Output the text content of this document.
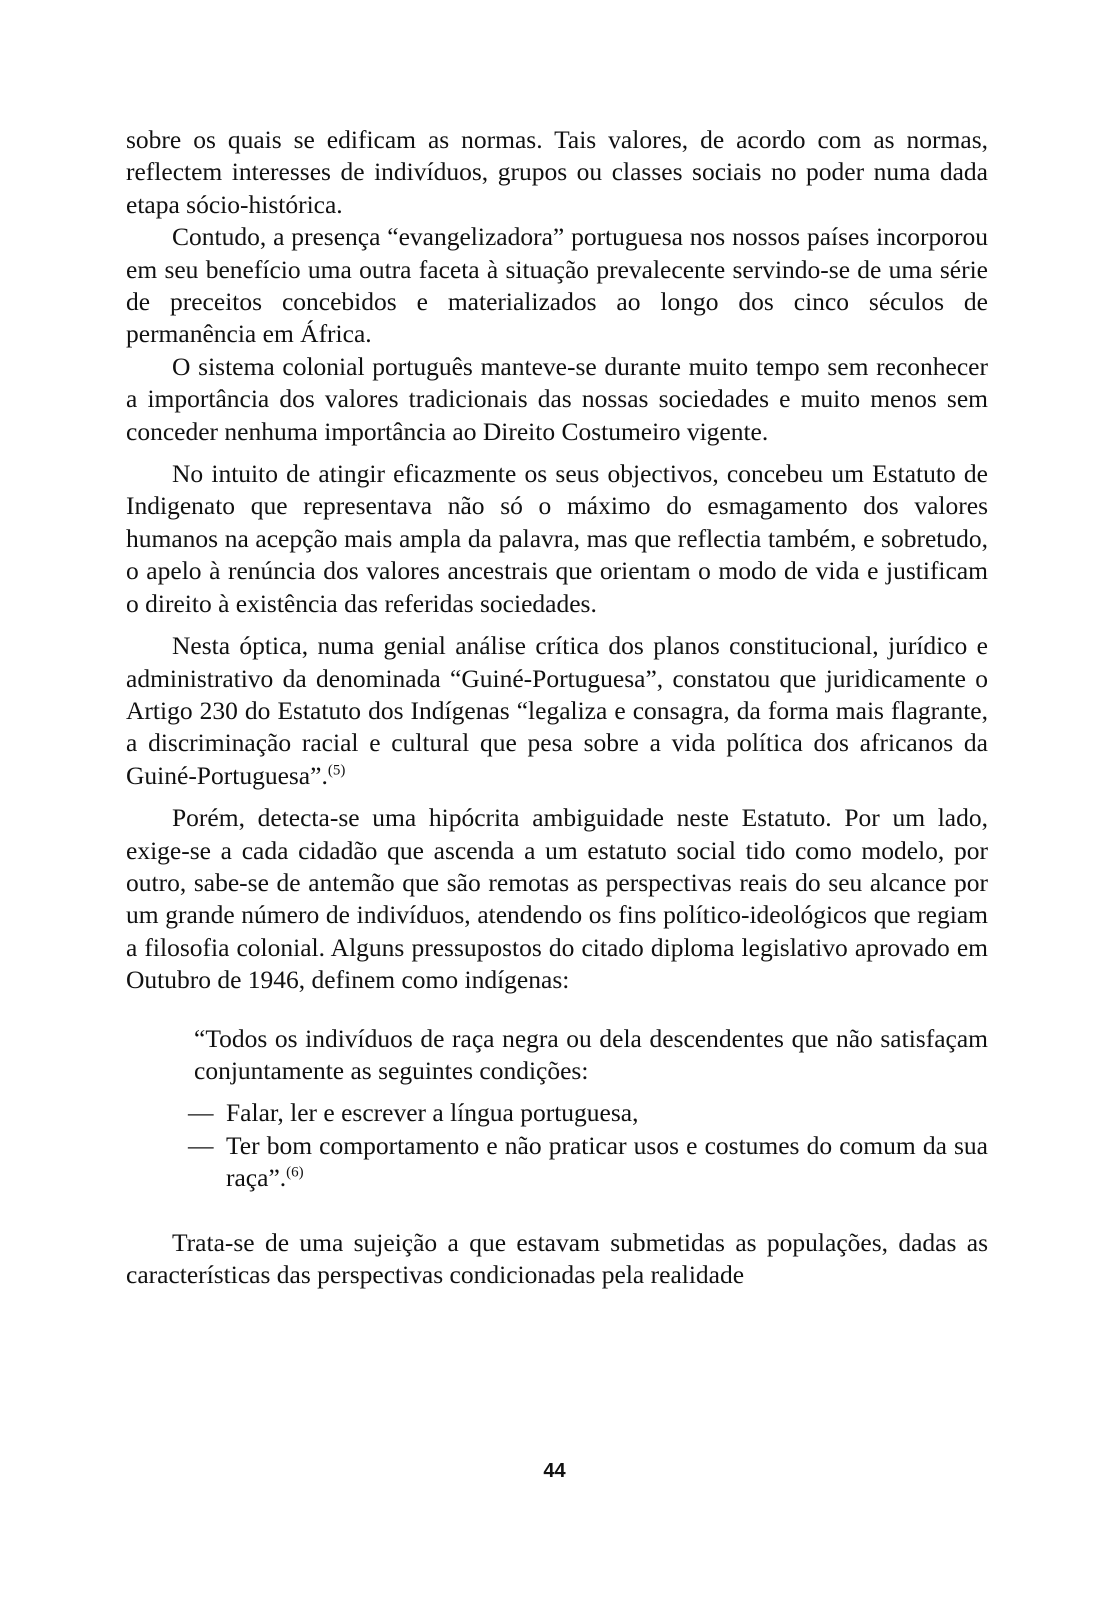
sobre os quais se edificam as normas. Tais valores, de acordo com as normas, reflectem interesses de indivíduos, grupos ou classes sociais no poder numa dada etapa sócio-histórica.

Contudo, a presença “evangelizadora” portuguesa nos nossos países incorporou em seu benefício uma outra faceta à situação prevalecente servindo-se de uma série de preceitos concebidos e materializados ao longo dos cinco séculos de permanência em África.

O sistema colonial português manteve-se durante muito tempo sem reconhecer a importância dos valores tradicionais das nossas sociedades e muito menos sem conceder nenhuma importância ao Direito Costumeiro vigente.

No intuito de atingir eficazmente os seus objectivos, concebeu um Estatuto de Indigenato que representava não só o máximo do esmagamento dos valores humanos na acepção mais ampla da palavra, mas que reflectia também, e sobretudo, o apelo à renúncia dos valores ancestrais que orientam o modo de vida e justificam o direito à existência das referidas sociedades.

Nesta óptica, numa genial análise crítica dos planos constitucional, jurídico e administrativo da denominada “Guiné-Portuguesa”, constatou que juridicamente o Artigo 230 do Estatuto dos Indígenas “legaliza e consagra, da forma mais flagrante, a discriminação racial e cultural que pesa sobre a vida política dos africanos da Guiné-Portuguesa”.$^{(5)}$

Porém, detecta-se uma hipócrita ambiguidade neste Estatuto. Por um lado, exige-se a cada cidadão que ascenda a um estatuto social tido como modelo, por outro, sabe-se de antemão que são remotas as perspectivas reais do seu alcance por um grande número de indivíduos, atendendo os fins político-ideológicos que regiam a filosofia colonial. Alguns pressupostos do citado diploma legislativo aprovado em Outubro de 1946, definem como indígenas:

“Todos os indivíduos de raça negra ou dela descendentes que não satisfaçam conjuntamente as seguintes condições:
— Falar, ler e escrever a língua portuguesa,
— Ter bom comportamento e não praticar usos e costumes do comum da sua raça”.$^{(6)}$

Trata-se de uma sujeição a que estavam submetidas as populações, dadas as características das perspectivas condicionadas pela realidade

44
